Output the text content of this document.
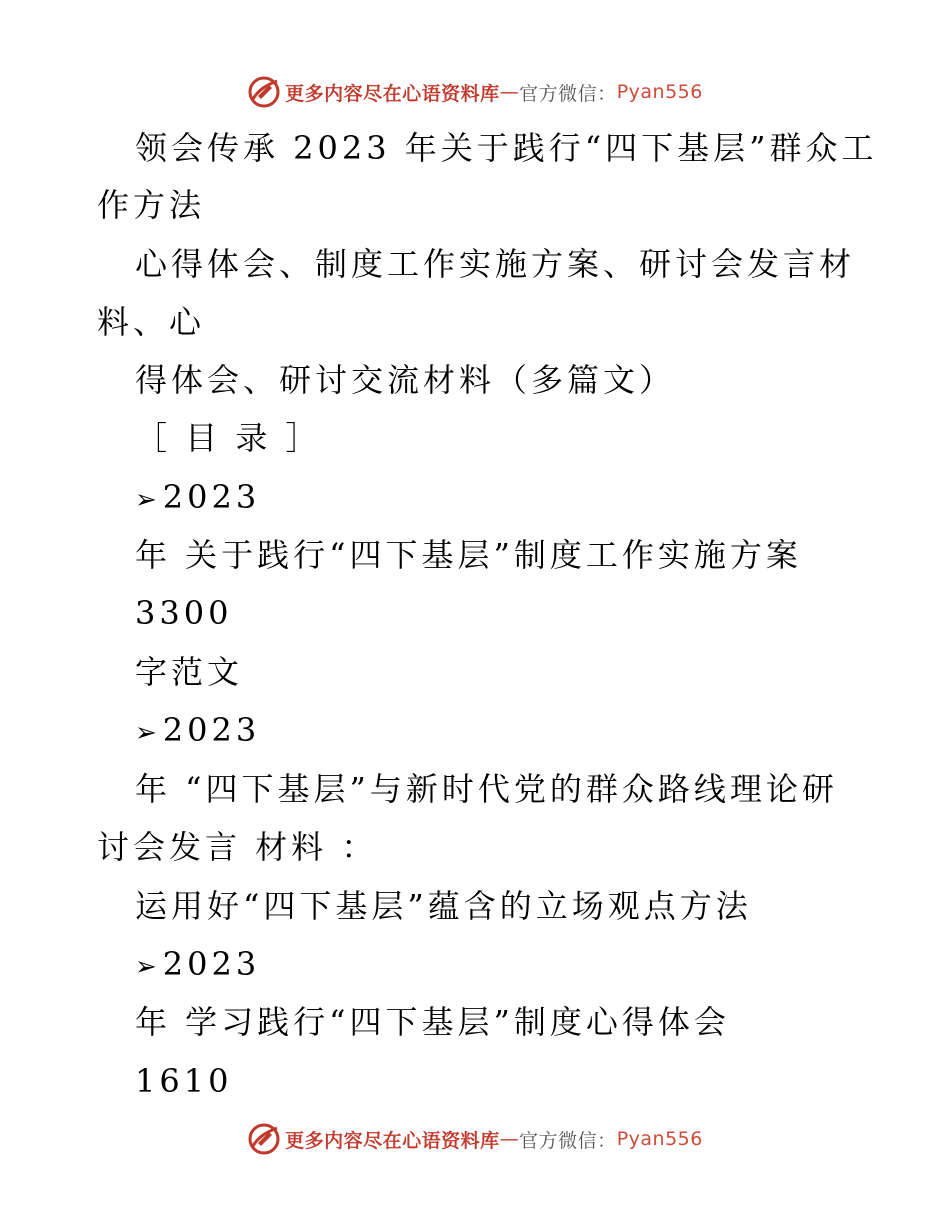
更多内容尽在心语资料库 — 官方微信： Pyan556
领会传承 2023 年关于践行“四下基层”群众工
作方法
心得体会、制度工作实施方案、研讨会发言材
料、心
得体会、研讨交流材料（多篇文）
［ 目 录 ］
➢2023
年 关于践行“四下基层”制度工作实施方案
3300
字范文
➢2023
年 “四下基层”与新时代党的群众路线理论研
讨会发言 材料 ：
运用好“四下基层”蕴含的立场观点方法
➢2023
年 学习践行“四下基层”制度心得体会
1610
更多内容尽在心语资料库 — 官方微信： Pyan556
